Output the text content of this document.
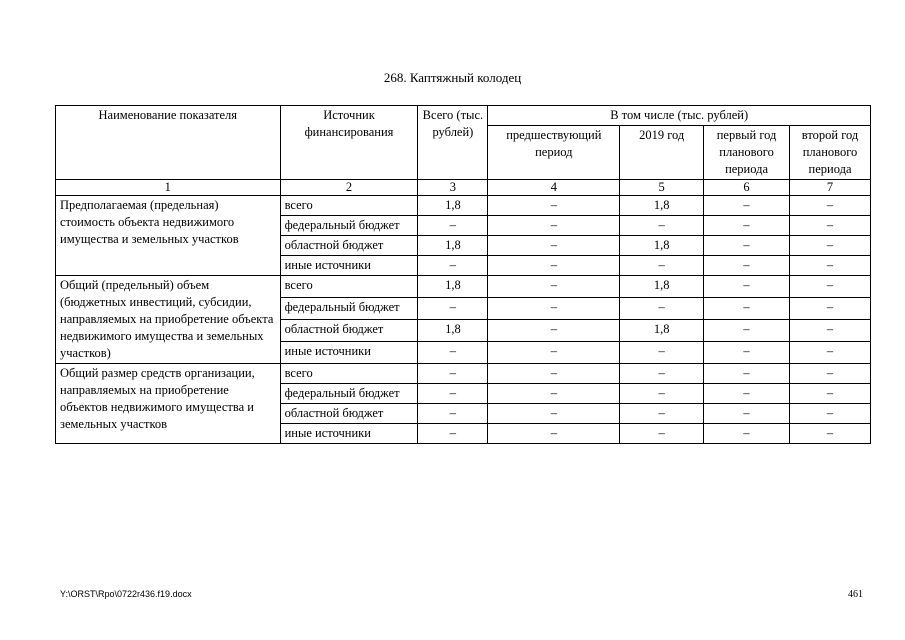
268. Каптяжный колодец
Наименование показателя	Источник финансирования	Всего (тыс. рублей)	В том числе (тыс. рублей)			
			предшествующий период	2019 год	первый год планового периода	второй год планового периода
1	2	3	4	5	6	7
Предполагаемая (предельная) стоимость объекта недвижимого имущества и земельных участков	всего	1,8	–	1,8	–	–
	федеральный бюджет	–	–	–	–	–
	областной бюджет	1,8	–	1,8	–	–
	иные источники	–	–	–	–	–
Общий (предельный) объем (бюджетных инвестиций, субсидии, направляемых на приобретение объекта недвижимого имущества и земельных участков)	всего	1,8	–	1,8	–	–
	федеральный бюджет	–	–	–	–	–
	областной бюджет	1,8	–	1,8	–	–
	иные источники	–	–	–	–	–
Общий размер средств организации, направляемых на приобретение объектов недвижимого имущества и земельных участков	всего	–	–	–	–	–
	федеральный бюджет	–	–	–	–	–
	областной бюджет	–	–	–	–	–
	иные источники	–	–	–	–	–
Y:\ORST\Rpo\0722r436.f19.docx	461
